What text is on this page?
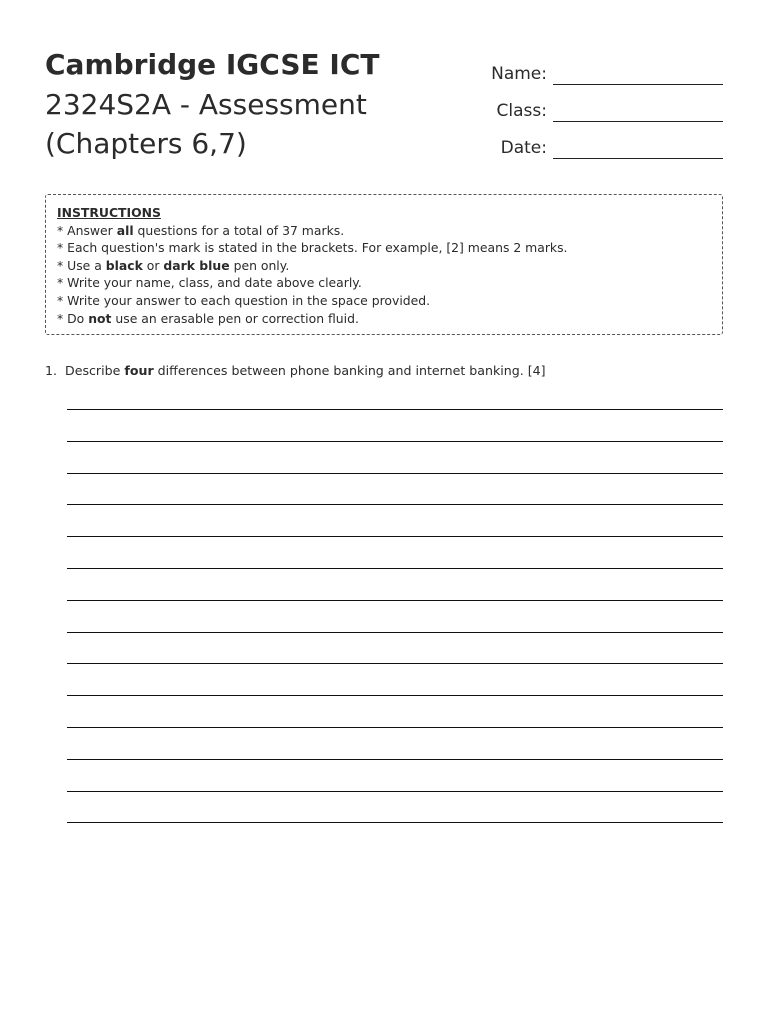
Cambridge IGCSE ICT
2324S2A - Assessment
(Chapters 6,7)
Name:
Class:
Date:
INSTRUCTIONS
* Answer all questions for a total of 37 marks.
* Each question's mark is stated in the brackets. For example, [2] means 2 marks.
* Use a black or dark blue pen only.
* Write your name, class, and date above clearly.
* Write your answer to each question in the space provided.
* Do not use an erasable pen or correction fluid.
1. Describe four differences between phone banking and internet banking. [4]
